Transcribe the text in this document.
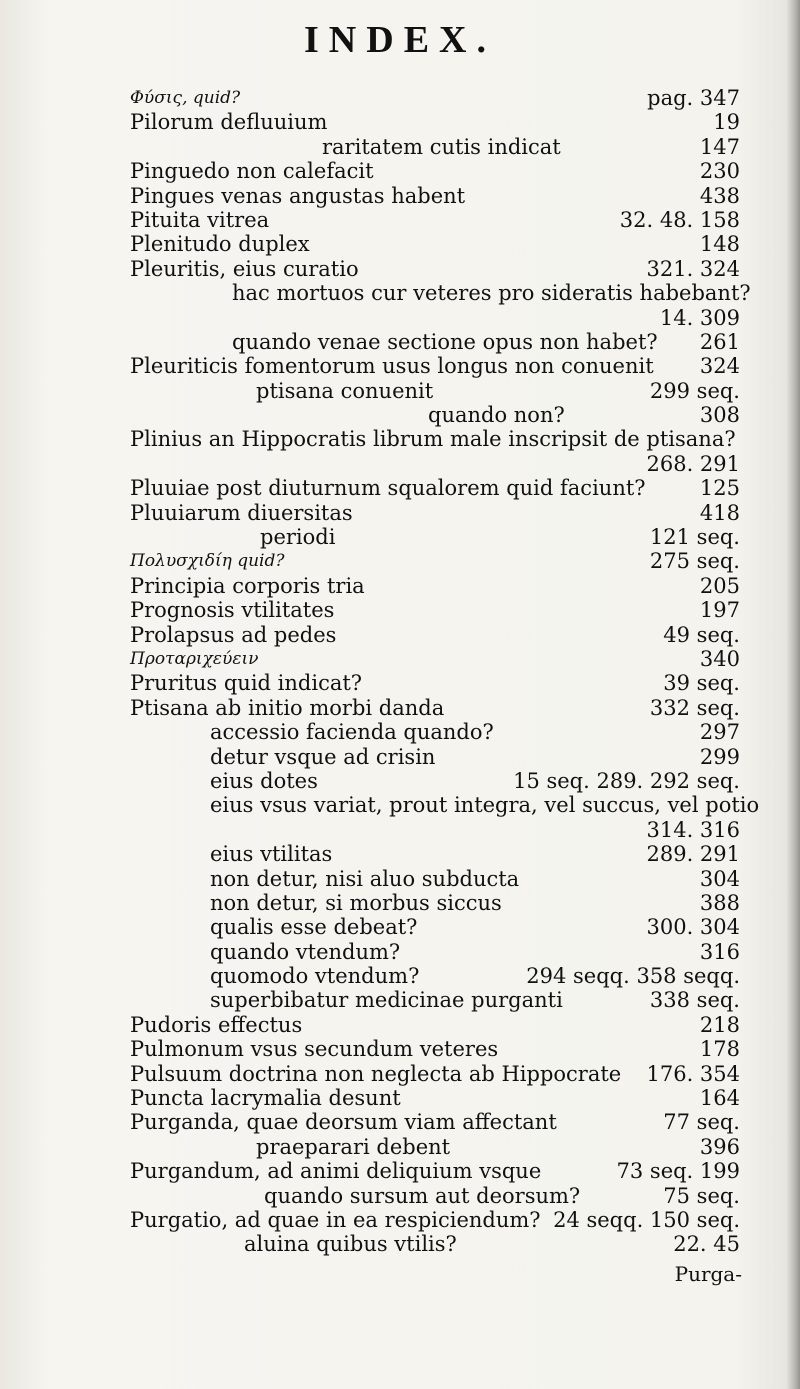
INDEX.
Φύσις, quid?	pag. 347
Pilorum defluuium	19
raritatem cutis indicat	147
Pinguedo non calefacit	230
Pingues venas angustas habent	438
Pituita vitrea	32. 48. 158
Plenitudo duplex	148
Pleuritis, eius curatio	321. 324
hac mortuos cur veteres pro sideratis habebant?
14. 309
quando venae sectione opus non habet? 261
Pleuriticis fomentorum usus longus non conuenit 324
ptisana conuenit	299 seq.
quando non?	308
Plinius an Hippocratis librum male inscripsit de ptisana?
268. 291
Pluuiae post diuturnum squalorem quid faciunt?	125
Pluuiarum diuersitas	418
periodi	121 seq.
Πολυσχιδίη quid?	275 seq.
Principia corporis tria	205
Prognosis vtilitates	197
Prolapsus ad pedes	49 seq.
Προταριχεύειν	340
Pruritus quid indicat?	39 seq.
Ptisana ab initio morbi danda	332 seq.
accessio facienda quando?	297
detur vsque ad crisin	299
eius dotes	15 seq. 289. 292 seq.
eius vsus variat, prout integra, vel succus, vel potio
314. 316
eius vtilitas	289. 291
non detur, nisi aluo subducta	304
non detur, si morbus siccus	388
qualis esse debeat?	300. 304
quando vtendum?	316
quomodo vtendum?	294 seqq. 358 seqq.
superbibatur medicinae purganti	338 seq.
Pudoris effectus	218
Pulmonum vsus secundum veteres	178
Pulsuum doctrina non neglecta ab Hippocrate 176. 354
Puncta lacrymalia desunt	164
Purganda, quae deorsum viam affectant	77 seq.
praeparari debent	396
Purgandum, ad animi deliquium vsque	73 seq. 199
quando sursum aut deorsum?	75 seq.
Purgatio, ad quae in ea respiciendum? 24 seqq. 150 seq.
aluina quibus vtilis?	22. 45
Purga-
